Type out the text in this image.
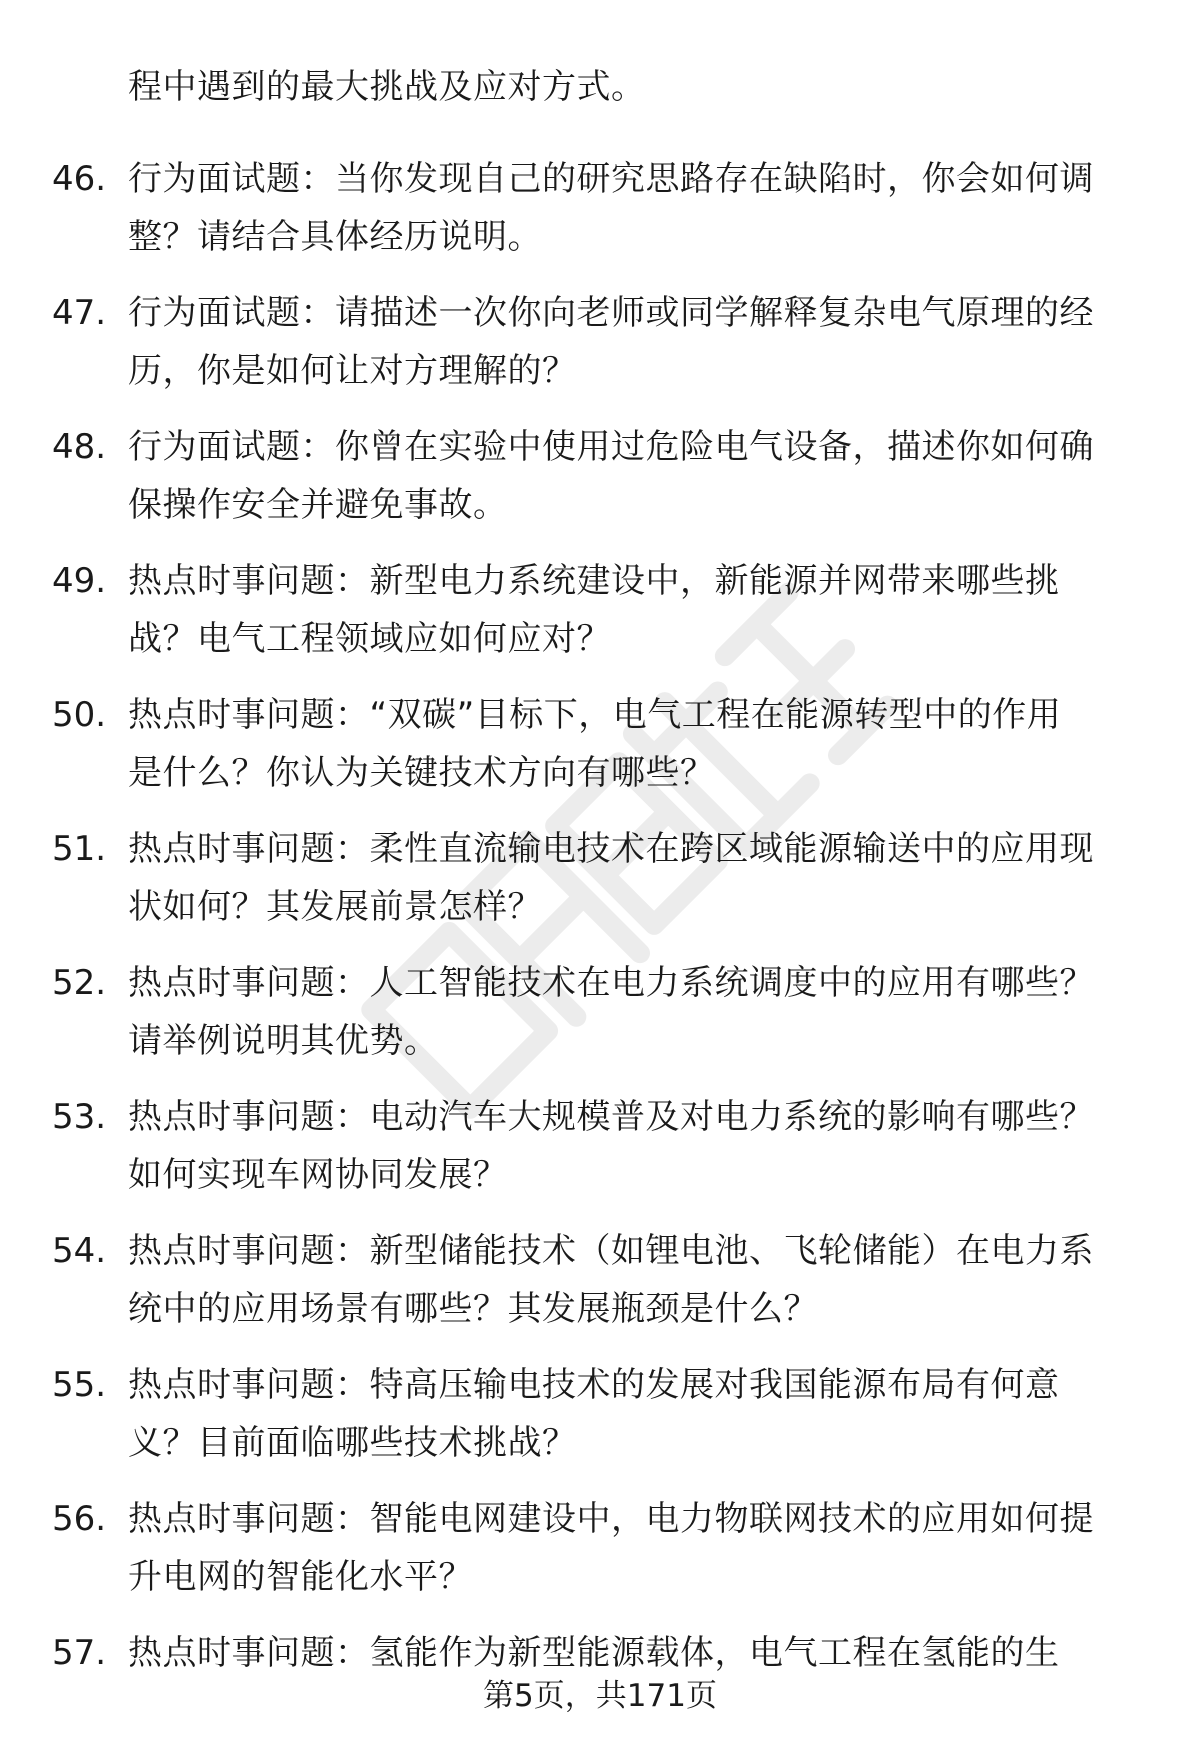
程中遇到的最大挑战及应对方式。
46. 行为面试题：当你发现自己的研究思路存在缺陷时，你会如何调
整？请结合具体经历说明。
47. 行为面试题：请描述一次你向老师或同学解释复杂电气原理的经
历，你是如何让对方理解的？
48. 行为面试题：你曾在实验中使用过危险电气设备，描述你如何确
保操作安全并避免事故。
49. 热点时事问题：新型电力系统建设中，新能源并网带来哪些挑
战？电气工程领域应如何应对？
50. 热点时事问题：“双碳”目标下，电气工程在能源转型中的作用
是什么？你认为关键技术方向有哪些？
51. 热点时事问题：柔性直流输电技术在跨区域能源输送中的应用现
状如何？其发展前景怎样？
52. 热点时事问题：人工智能技术在电力系统调度中的应用有哪些？
请举例说明其优势。
53. 热点时事问题：电动汽车大规模普及对电力系统的影响有哪些？
如何实现车网协同发展？
54. 热点时事问题：新型储能技术（如锂电池、飞轮储能）在电力系
统中的应用场景有哪些？其发展瓶颈是什么？
55. 热点时事问题：特高压输电技术的发展对我国能源布局有何意
义？目前面临哪些技术挑战？
56. 热点时事问题：智能电网建设中，电力物联网技术的应用如何提
升电网的智能化水平？
57. 热点时事问题：氢能作为新型能源载体，电气工程在氢能的生
第5页，共171页
